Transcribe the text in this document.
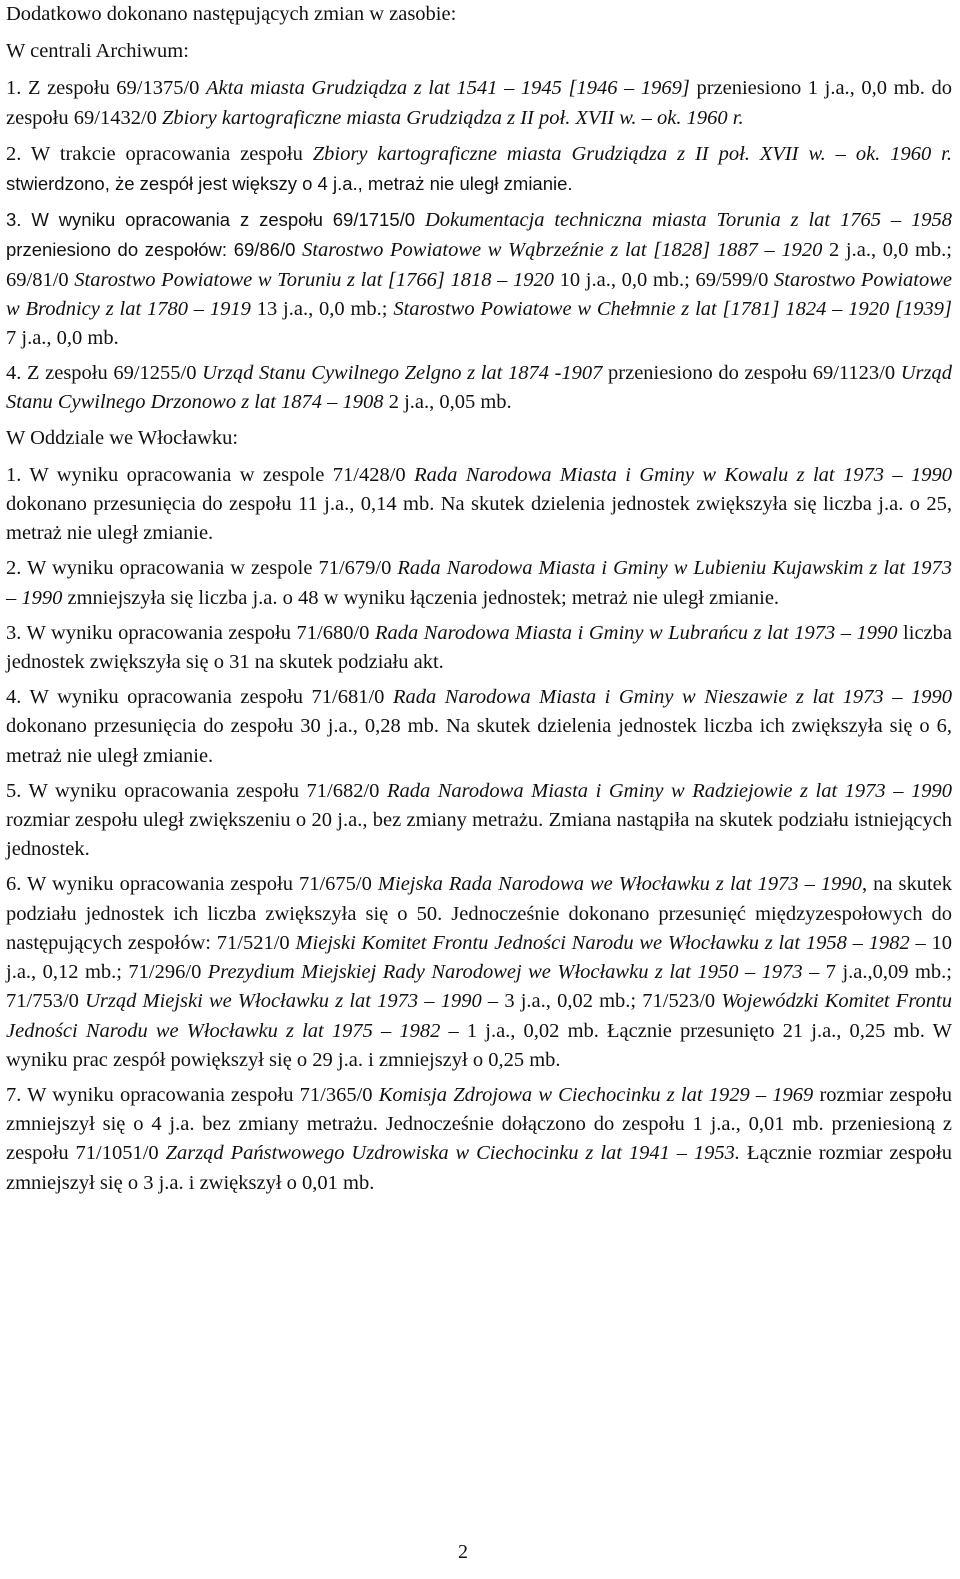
Dodatkowo dokonano następujących zmian w zasobie:

W centrali Archiwum:

1. Z zespołu 69/1375/0 Akta miasta Grudziądza z lat 1541 – 1945 [1946 – 1969] przeniesiono 1 j.a., 0,0 mb. do zespołu 69/1432/0 Zbiory kartograficzne miasta Grudziądza z II poł. XVII w. – ok. 1960 r.

2. W trakcie opracowania zespołu Zbiory kartograficzne miasta Grudziądza z II poł. XVII w. – ok. 1960 r. stwierdzono, że zespół jest większy o 4 j.a., metraż nie uległ zmianie.

3. W wyniku opracowania z zespołu 69/1715/0 Dokumentacja techniczna miasta Torunia z lat 1765 – 1958 przeniesiono do zespołów: 69/86/0 Starostwo Powiatowe w Wąbrzeźnie z lat [1828] 1887 – 1920 2 j.a., 0,0 mb.; 69/81/0 Starostwo Powiatowe w Toruniu z lat [1766] 1818 – 1920 10 j.a., 0,0 mb.; 69/599/0 Starostwo Powiatowe w Brodnicy z lat 1780 – 1919 13 j.a., 0,0 mb.; Starostwo Powiatowe w Chełmnie z lat [1781] 1824 – 1920 [1939] 7 j.a., 0,0 mb.

4. Z zespołu 69/1255/0 Urząd Stanu Cywilnego Zelgno z lat 1874 -1907 przeniesiono do zespołu 69/1123/0 Urząd Stanu Cywilnego Drzonowo z lat 1874 – 1908 2 j.a., 0,05 mb.

W Oddziale we Włocławku:

1. W wyniku opracowania w zespole 71/428/0 Rada Narodowa Miasta i Gminy w Kowalu z lat 1973 – 1990 dokonano przesunięcia do zespołu 11 j.a., 0,14 mb. Na skutek dzielenia jednostek zwiększyła się liczba j.a. o 25, metraż nie uległ zmianie.

2. W wyniku opracowania w zespole 71/679/0 Rada Narodowa Miasta i Gminy w Lubieniu Kujawskim z lat 1973 – 1990 zmniejszyła się liczba j.a. o 48 w wyniku łączenia jednostek; metraż nie uległ zmianie.

3. W wyniku opracowania zespołu 71/680/0 Rada Narodowa Miasta i Gminy w Lubrańcu z lat 1973 – 1990 liczba jednostek zwiększyła się o 31 na skutek podziału akt.

4. W wyniku opracowania zespołu 71/681/0 Rada Narodowa Miasta i Gminy w Nieszawie z lat 1973 – 1990 dokonano przesunięcia do zespołu 30 j.a., 0,28 mb. Na skutek dzielenia jednostek liczba ich zwiększyła się o 6, metraż nie uległ zmianie.

5. W wyniku opracowania zespołu 71/682/0 Rada Narodowa Miasta i Gminy w Radziejowie z lat 1973 – 1990 rozmiar zespołu uległ zwiększeniu o 20 j.a., bez zmiany metrażu. Zmiana nastąpiła na skutek podziału istniejących jednostek.

6. W wyniku opracowania zespołu 71/675/0 Miejska Rada Narodowa we Włocławku z lat 1973 – 1990, na skutek podziału jednostek ich liczba zwiększyła się o 50. Jednocześnie dokonano przesunięć międzyzespołowych do następujących zespołów: 71/521/0 Miejski Komitet Frontu Jedności Narodu we Włocławku z lat 1958 – 1982 – 10 j.a., 0,12 mb.; 71/296/0 Prezydium Miejskiej Rady Narodowej we Włocławku z lat 1950 – 1973 – 7 j.a.,0,09 mb.; 71/753/0 Urząd Miejski we Włocławku z lat 1973 – 1990 – 3 j.a., 0,02 mb.; 71/523/0 Wojewódzki Komitet Frontu Jedności Narodu we Włocławku z lat 1975 – 1982 – 1 j.a., 0,02 mb. Łącznie przesunięto 21 j.a., 0,25 mb. W wyniku prac zespół powiększył się o 29 j.a. i zmniejszył o 0,25 mb.

7. W wyniku opracowania zespołu 71/365/0 Komisja Zdrojowa w Ciechocinku z lat 1929 – 1969 rozmiar zespołu zmniejszył się o 4 j.a. bez zmiany metrażu. Jednocześnie dołączono do zespołu 1 j.a., 0,01 mb. przeniesioną z zespołu 71/1051/0 Zarząd Państwowego Uzdrowiska w Ciechocinku z lat 1941 – 1953. Łącznie rozmiar zespołu zmniejszył się o 3 j.a. i zwiększył o 0,01 mb.

2
